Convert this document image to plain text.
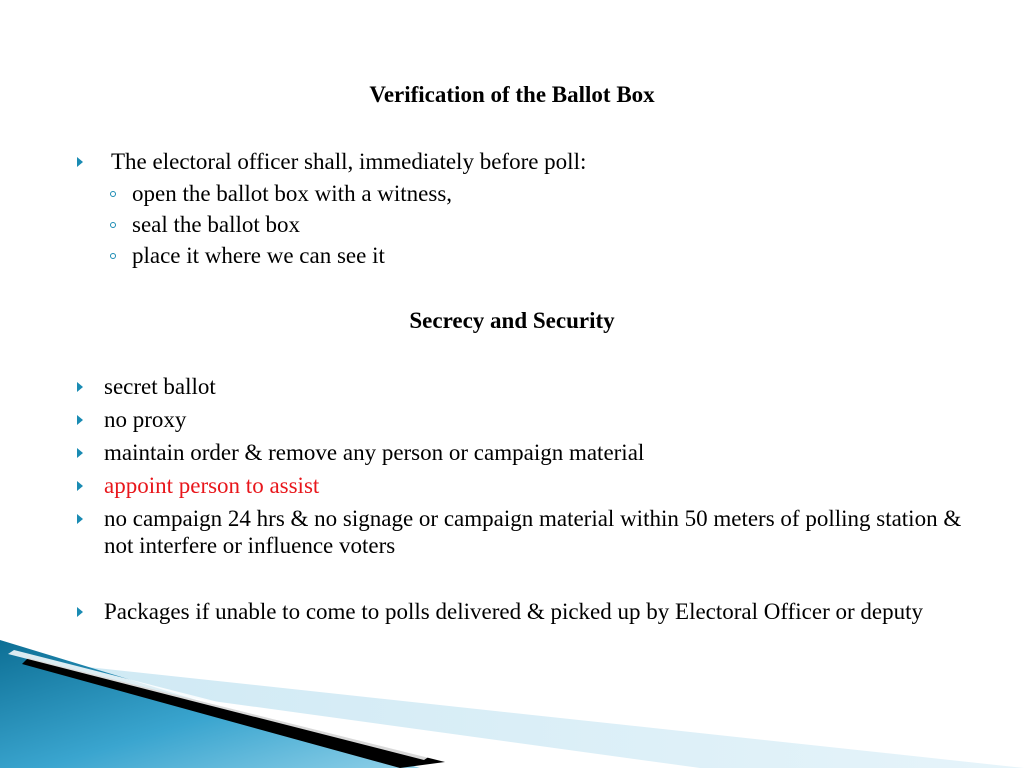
Verification of the Ballot Box
The electoral officer shall, immediately before poll:
open the ballot box with a witness,
seal the ballot box
place it where we can see it
Secrecy and Security
secret ballot
no proxy
maintain order & remove any person or campaign material
appoint person to assist
no campaign 24 hrs & no signage or campaign material within 50 meters of polling station & not interfere or influence voters
Packages if unable to come to polls delivered & picked up by Electoral Officer or deputy
